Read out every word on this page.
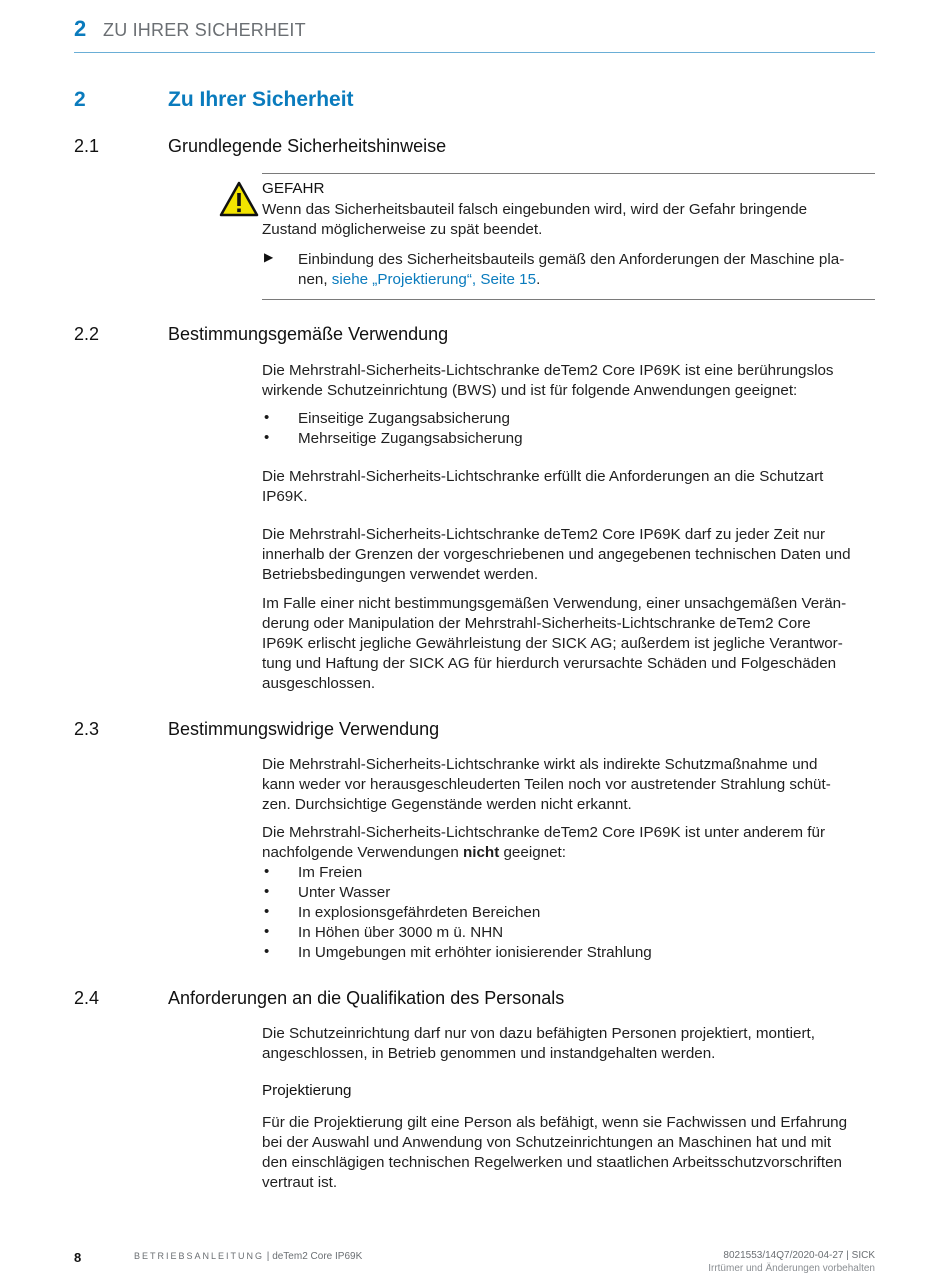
2 ZU IHRER SICHERHEIT
2	Zu Ihrer Sicherheit
2.1	Grundlegende Sicherheitshinweise
GEFAHR

Wenn das Sicherheitsbauteil falsch eingebunden wird, wird der Gefahr bringende

Zustand möglicherweise zu spät beendet.

▶ Einbindung des Sicherheitsbauteils gemäß den Anforderungen der Maschine pla-
nen, siehe „Projektierung“, Seite 15.
2.2	Bestimmungsgemäße Verwendung

Die Mehrstrahl-Sicherheits-Lichtschranke deTem2 Core IP69K ist eine berührungslos

wirkende Schutzeinrichtung (BWS) und ist für folgende Anwendungen geeignet:

• Einseitige Zugangsabsicherung
• Mehrseitige Zugangsabsicherung

Die Mehrstrahl-Sicherheits-Lichtschranke erfüllt die Anforderungen an die Schutzart

IP69K.

Die Mehrstrahl-Sicherheits-Lichtschranke deTem2 Core IP69K darf zu jeder Zeit nur

innerhalb der Grenzen der vorgeschriebenen und angegebenen technischen Daten und

Betriebsbedingungen verwendet werden.

Im Falle einer nicht bestimmungsgemäßen Verwendung, einer unsachgemäßen Verän-

derung oder Manipulation der Mehrstrahl-Sicherheits-Lichtschranke deTem2 Core

IP69K erlischt jegliche Gewährleistung der SICK AG; außerdem ist jegliche Verantwor-

tung und Haftung der SICK AG für hierdurch verursachte Schäden und Folgeschäden

ausgeschlossen.

2.3	Bestimmungswidrige Verwendung

Die Mehrstrahl-Sicherheits-Lichtschranke wirkt als indirekte Schutzmaßnahme und

kann weder vor herausgeschleuderten Teilen noch vor austretender Strahlung schüt-

zen. Durchsichtige Gegenstände werden nicht erkannt.

Die Mehrstrahl-Sicherheits-Lichtschranke deTem2 Core IP69K ist unter anderem für

nachfolgende Verwendungen nicht geeignet:

• Im Freien
• Unter Wasser
• In explosionsgefährdeten Bereichen
• In Höhen über 3000 m ü. NHN
• In Umgebungen mit erhöhter ionisierender Strahlung
2.4	Anforderungen an die Qualifikation des Personals

Die Schutzeinrichtung darf nur von dazu befähigten Personen projektiert, montiert,

angeschlossen, in Betrieb genommen und instandgehalten werden.

Projektierung

Für die Projektierung gilt eine Person als befähigt, wenn sie Fachwissen und Erfahrung

bei der Auswahl und Anwendung von Schutzeinrichtungen an Maschinen hat und mit

den einschlägigen technischen Regelwerken und staatlichen Arbeitsschutzvorschriften

vertraut ist.

8	BETRIEBSANLEITUNG | deTem2 Core IP69K	8021553/14Q7/2020-04-27 | SICK
Irrtümer und Änderungen vorbehalten
